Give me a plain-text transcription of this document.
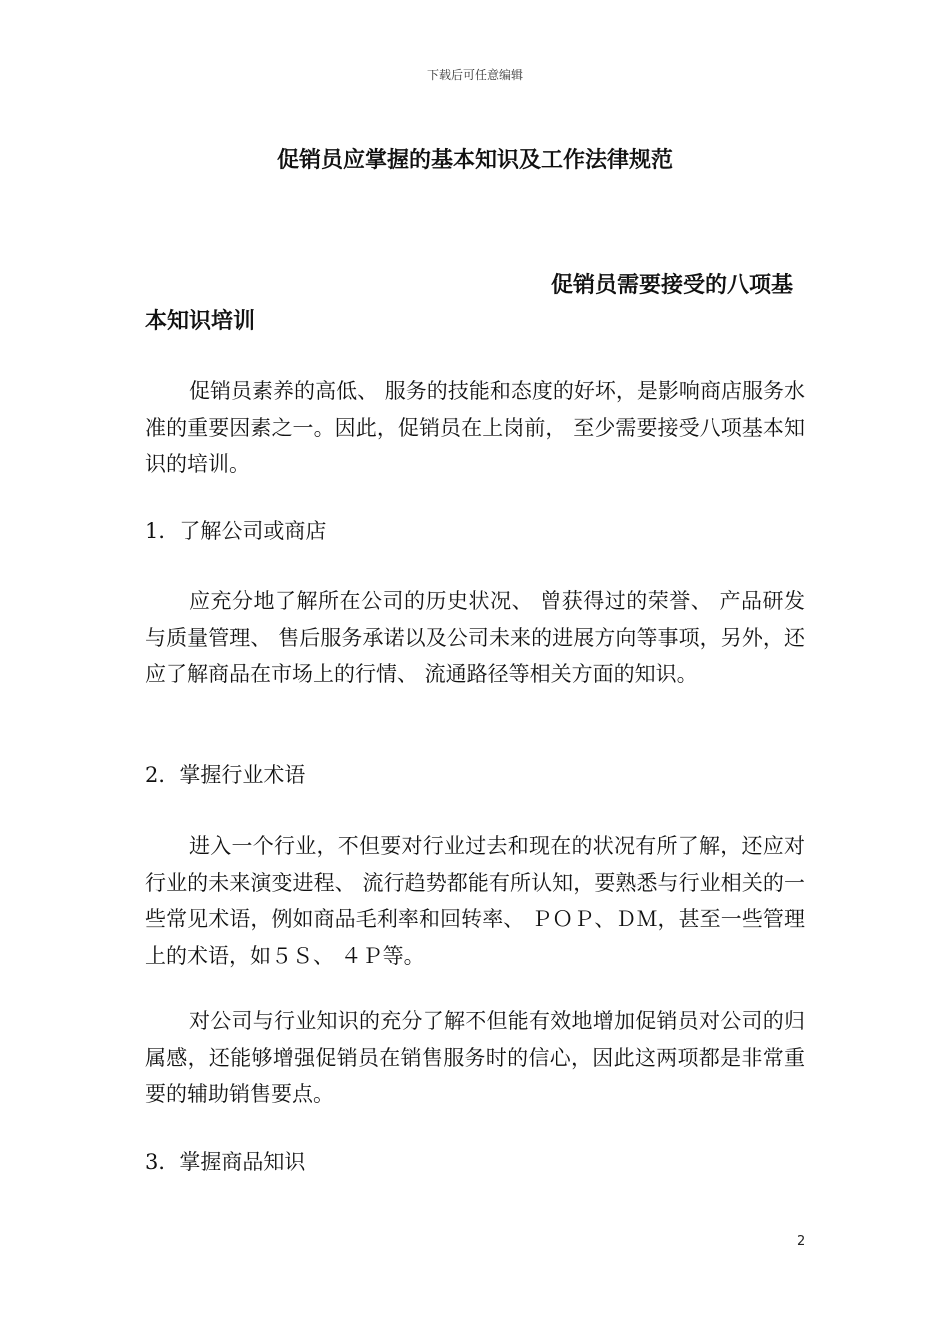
下载后可任意编辑
促销员应掌握的基本知识及工作法律规范
促销员需要接受的八项基
本知识培训
促销员素养的高低、 服务的技能和态度的好坏，是影响商店服务水准的重要因素之一。因此，促销员在上岗前， 至少需要接受八项基本知识的培训。
1．了解公司或商店
应充分地了解所在公司的历史状况、 曾获得过的荣誉、 产品研发与质量管理、 售后服务承诺以及公司未来的进展方向等事项，另外，还应了解商品在市场上的行情、 流通路径等相关方面的知识。
2．掌握行业术语
进入一个行业，不但要对行业过去和现在的状况有所了解，还应对行业的未来演变进程、 流行趋势都能有所认知，要熟悉与行业相关的一些常见术语，例如商品毛利率和回转率、 ＰＯＰ、ＤＭ，甚至一些管理上的术语，如５Ｓ、 ４Ｐ等。
对公司与行业知识的充分了解不但能有效地增加促销员对公司的归属感，还能够增强促销员在销售服务时的信心，因此这两项都是非常重要的辅助销售要点。
3．掌握商品知识
2
